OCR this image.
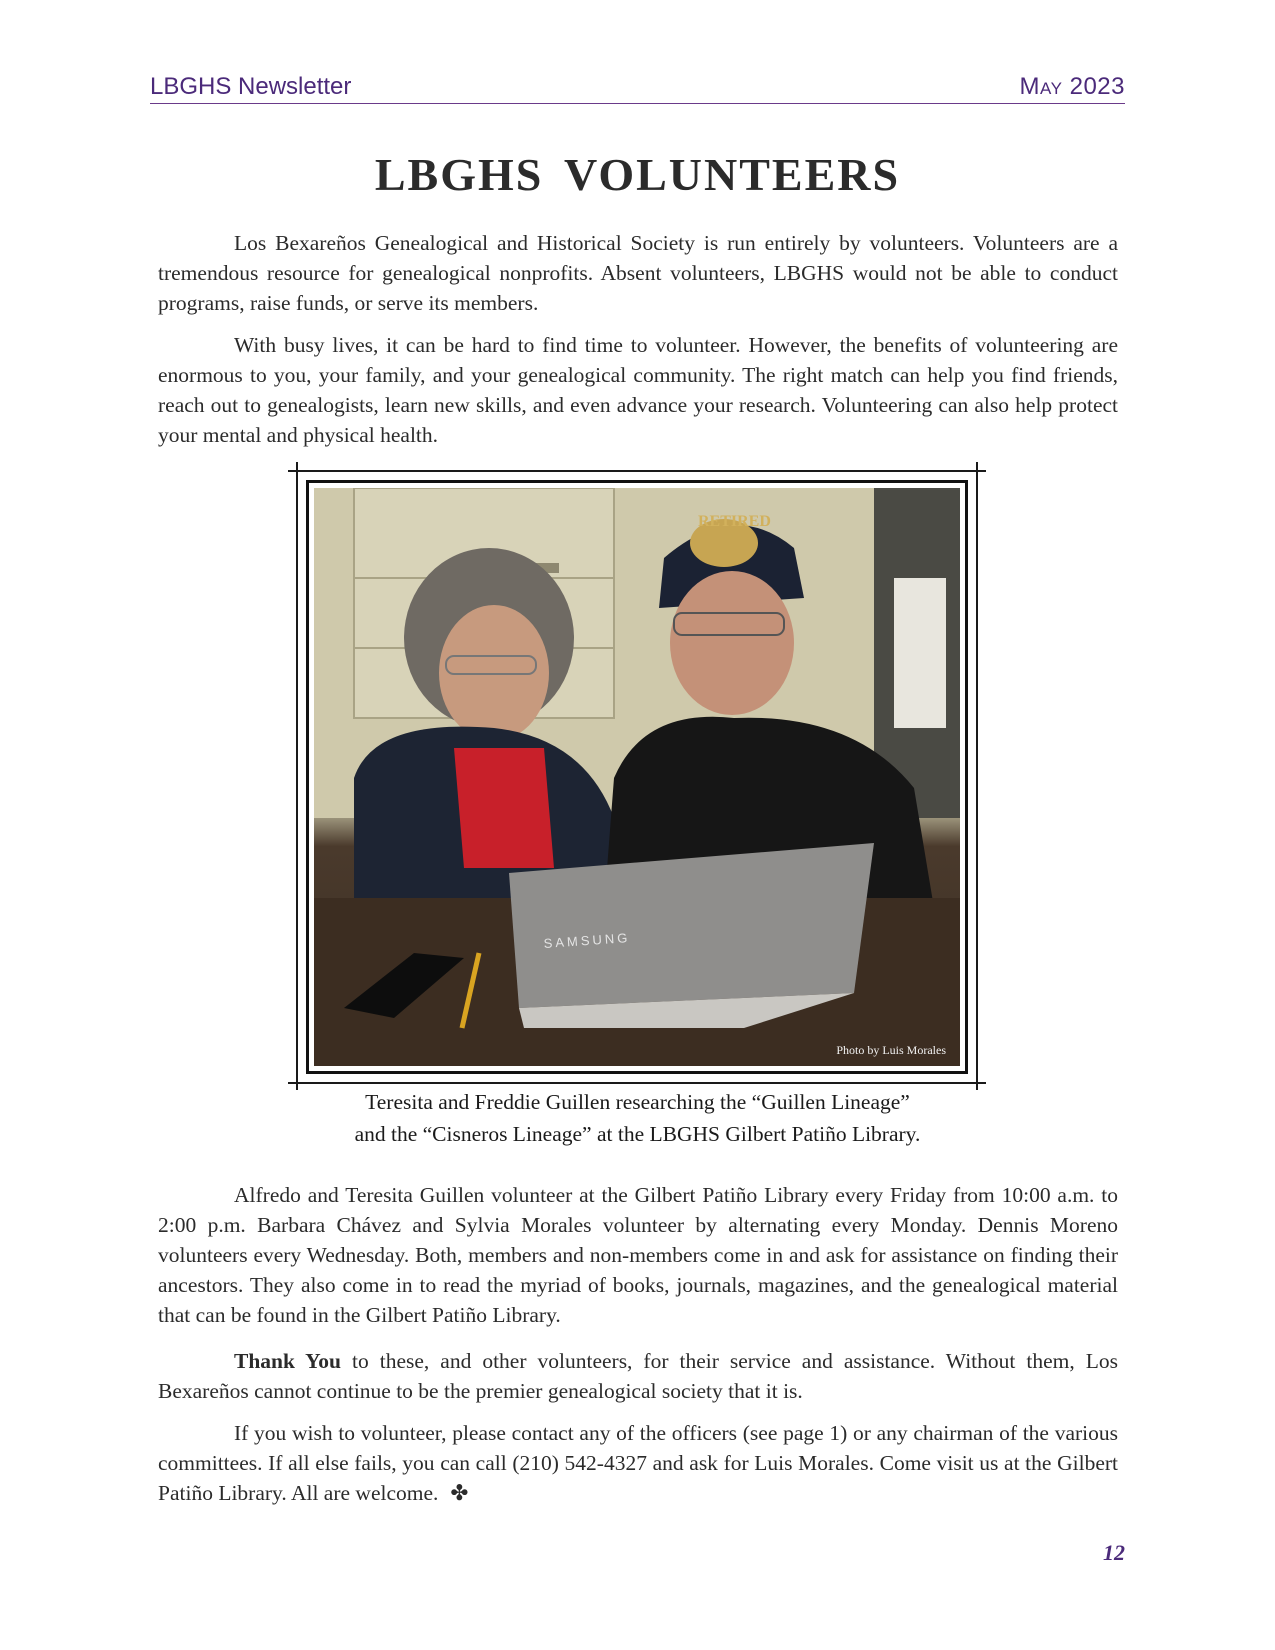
LBGHS Newsletter	May 2023
LBGHS VOLUNTEERS

Los Bexareños Genealogical and Historical Society is run entirely by volunteers. Volunteers are a tremendous resource for genealogical nonprofits. Absent volunteers, LBGHS would not be able to conduct programs, raise funds, or serve its members.

With busy lives, it can be hard to find time to volunteer. However, the benefits of volunteering are enormous to you, your family, and your genealogical community. The right match can help you find friends, reach out to genealogists, learn new skills, and even advance your research. Volunteering can also help protect your mental and physical health.

SAMSUNG
RETIRED
Photo by Luis Morales
Teresita and Freddie Guillen researching the “Guillen Lineage”
and the “Cisneros Lineage” at the LBGHS Gilbert Patiño Library.

Alfredo and Teresita Guillen volunteer at the Gilbert Patiño Library every Friday from 10:00 a.m. to 2:00 p.m. Barbara Chávez and Sylvia Morales volunteer by alternating every Monday. Dennis Moreno volunteers every Wednesday. Both, members and non-members come in and ask for assistance on finding their ancestors. They also come in to read the myriad of books, journals, magazines, and the genealogical material that can be found in the Gilbert Patiño Library.

Thank You to these, and other volunteers, for their service and assistance. Without them, Los Bexareños cannot continue to be the premier genealogical society that it is.

If you wish to volunteer, please contact any of the officers (see page 1) or any chairman of the various committees. If all else fails, you can call (210) 542-4327 and ask for Luis Morales. Come visit us at the Gilbert Patiño Library. All are welcome. ✤

12
